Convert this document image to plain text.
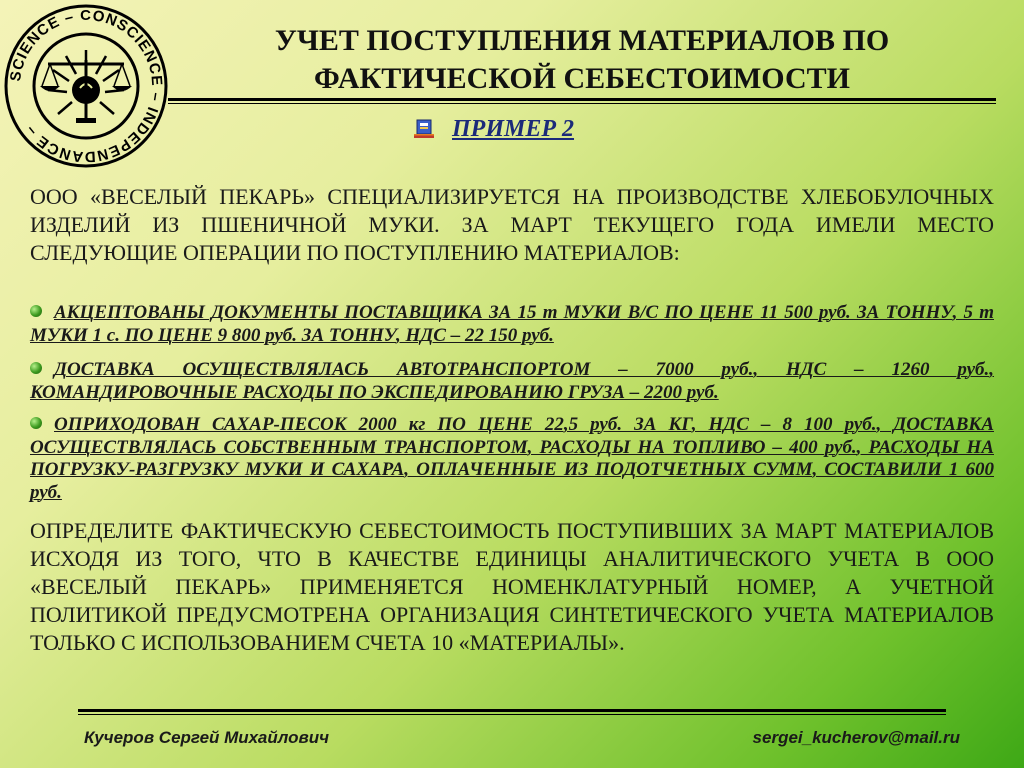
SCIENCE – CONSCIENCE – INDEPENDANCE –
УЧЕТ ПОСТУПЛЕНИЯ МАТЕРИАЛОВ ПО
ФАКТИЧЕСКОЙ СЕБЕСТОИМОСТИ
ПРИМЕР 2

ООО «ВЕСЕЛЫЙ ПЕКАРЬ» СПЕЦИАЛИЗИРУЕТСЯ НА ПРОИЗВОДСТВЕ ХЛЕБОБУЛОЧНЫХ ИЗДЕЛИЙ ИЗ ПШЕНИЧНОЙ МУКИ. ЗА МАРТ ТЕКУЩЕГО ГОДА ИМЕЛИ МЕСТО СЛЕДУЮЩИЕ ОПЕРАЦИИ ПО ПОСТУПЛЕНИЮ МАТЕРИАЛОВ:

АКЦЕПТОВАНЫ ДОКУМЕНТЫ ПОСТАВЩИКА ЗА 15 т МУКИ В/С ПО ЦЕНЕ 11 500 руб. ЗА ТОННУ, 5 т МУКИ 1 с. ПО ЦЕНЕ 9 800 руб. ЗА ТОННУ, НДС – 22 150 руб.

ДОСТАВКА ОСУЩЕСТВЛЯЛАСЬ АВТОТРАНСПОРТОМ – 7000 руб., НДС – 1260 руб., КОМАНДИРОВОЧНЫЕ РАСХОДЫ ПО ЭКСПЕДИРОВАНИЮ ГРУЗА – 2200 руб.

ОПРИХОДОВАН САХАР-ПЕСОК 2000 кг ПО ЦЕНЕ 22,5 руб. ЗА КГ, НДС – 8 100 руб., ДОСТАВКА ОСУЩЕСТВЛЯЛАСЬ СОБСТВЕННЫМ ТРАНСПОРТОМ, РАСХОДЫ НА ТОПЛИВО – 400 руб., РАСХОДЫ НА ПОГРУЗКУ-РАЗГРУЗКУ МУКИ И САХАРА, ОПЛАЧЕННЫЕ ИЗ ПОДОТЧЕТНЫХ СУММ, СОСТАВИЛИ 1 600 руб.

ОПРЕДЕЛИТЕ ФАКТИЧЕСКУЮ СЕБЕСТОИМОСТЬ ПОСТУПИВШИХ ЗА МАРТ МАТЕРИАЛОВ ИСХОДЯ ИЗ ТОГО, ЧТО В КАЧЕСТВЕ ЕДИНИЦЫ АНАЛИТИЧЕСКОГО УЧЕТА В ООО «ВЕСЕЛЫЙ ПЕКАРЬ» ПРИМЕНЯЕТСЯ НОМЕНКЛАТУРНЫЙ НОМЕР, А УЧЕТНОЙ ПОЛИТИКОЙ ПРЕДУСМОТРЕНА ОРГАНИЗАЦИЯ СИНТЕТИЧЕСКОГО УЧЕТА МАТЕРИАЛОВ ТОЛЬКО С ИСПОЛЬЗОВАНИЕМ СЧЕТА 10 «МАТЕРИАЛЫ».

Кучеров Сергей Михайлович	sergei_kucherov@mail.ru
